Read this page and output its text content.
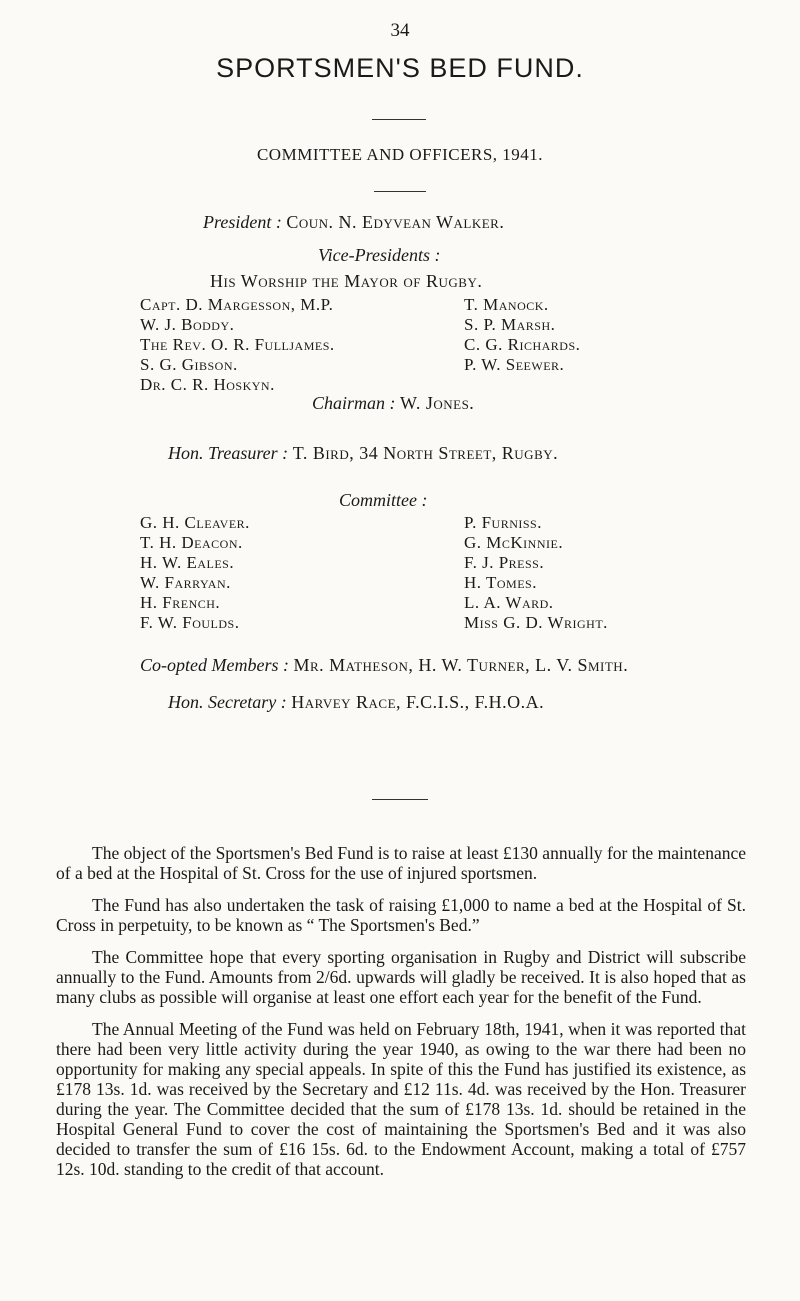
34
SPORTSMEN'S BED FUND.
COMMITTEE AND OFFICERS, 1941.
President : Coun. N. Edyvean Walker.
Vice-Presidents :
His Worship the Mayor of Rugby.
Capt. D. Margesson, M.P.
W. J. Boddy.
The Rev. O. R. Fulljames.
S. G. Gibson.
Dr. C. R. Hoskyn.
T. Manock.
S. P. Marsh.
C. G. Richards.
P. W. Seewer.
Chairman : W. Jones.
Hon. Treasurer : T. Bird, 34 North Street, Rugby.
Committee :
G. H. Cleaver.
T. H. Deacon.
H. W. Eales.
W. Farryan.
H. French.
F. W. Foulds.
P. Furniss.
G. McKinnie.
F. J. Press.
H. Tomes.
L. A. Ward.
Miss G. D. Wright.
Co-opted Members : Mr. Matheson, H. W. Turner, L. V. Smith.
Hon. Secretary : Harvey Race, F.C.I.S., F.H.O.A.

The object of the Sportsmen's Bed Fund is to raise at least £130 annually for the maintenance of a bed at the Hospital of St. Cross for the use of injured sportsmen.

The Fund has also undertaken the task of raising £1,000 to name a bed at the Hospital of St. Cross in perpetuity, to be known as “ The Sportsmen's Bed.”

The Committee hope that every sporting organisation in Rugby and District will subscribe annually to the Fund. Amounts from 2/6d. upwards will gladly be received. It is also hoped that as many clubs as possible will organise at least one effort each year for the benefit of the Fund.

The Annual Meeting of the Fund was held on February 18th, 1941, when it was reported that there had been very little activity during the year 1940, as owing to the war there had been no opportunity for making any special appeals. In spite of this the Fund has justified its existence, as £178 13s. 1d. was received by the Secretary and £12 11s. 4d. was received by the Hon. Treasurer during the year. The Committee decided that the sum of £178 13s. 1d. should be retained in the Hospital General Fund to cover the cost of maintaining the Sportsmen's Bed and it was also decided to transfer the sum of £16 15s. 6d. to the Endowment Account, making a total of £757 12s. 10d. standing to the credit of that account.
